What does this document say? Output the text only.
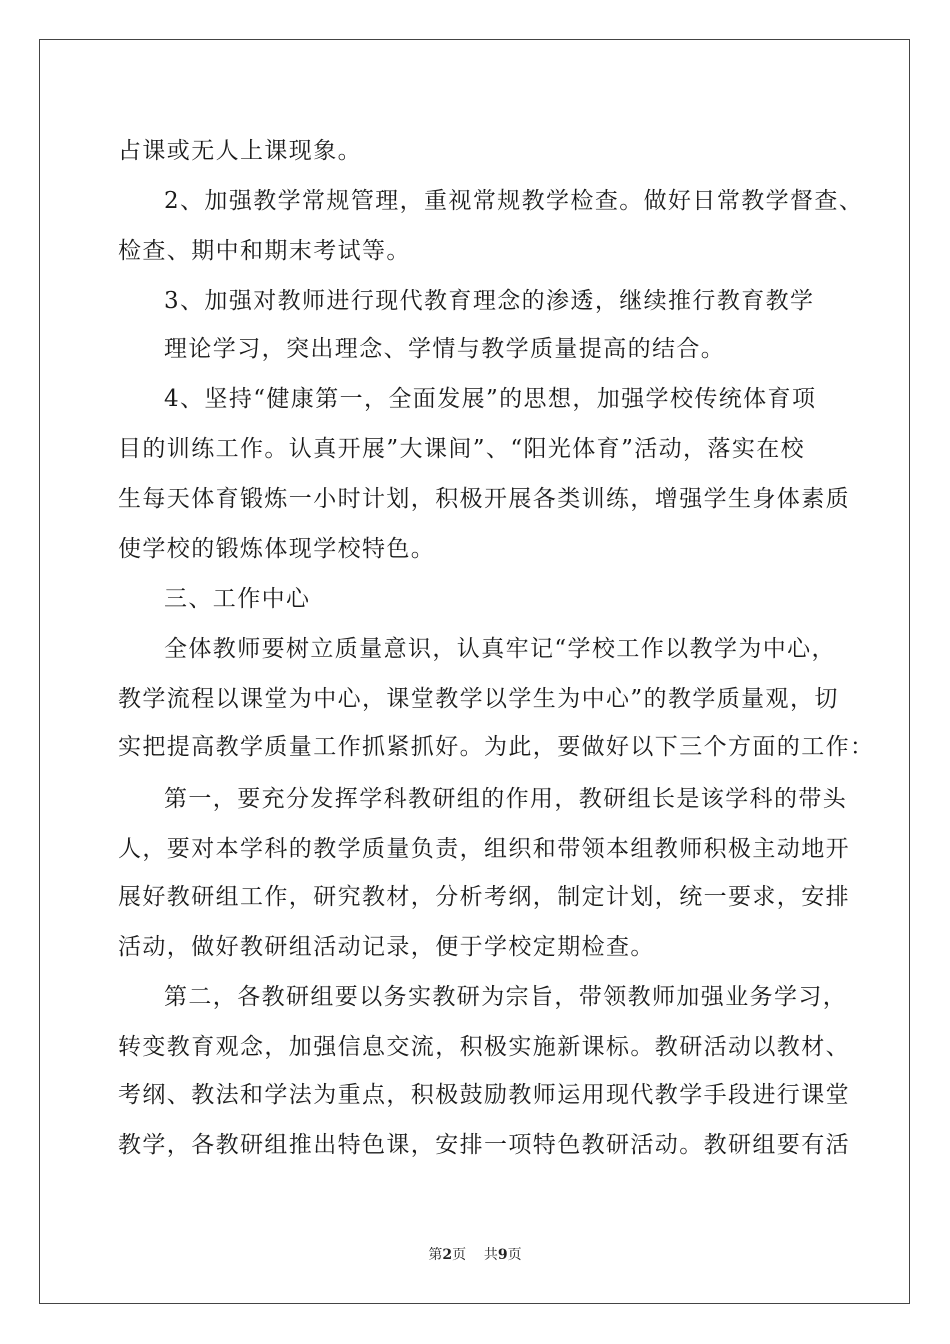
占课或无人上课现象。
2、加强教学常规管理，重视常规教学检查。做好日常教学督查、
检查、期中和期末考试等。
3、加强对教师进行现代教育理念的渗透，继续推行教育教学
理论学习，突出理念、学情与教学质量提高的结合。
4、坚持“健康第一，全面发展”的思想，加强学校传统体育项
目的训练工作。认真开展”大课间”、“阳光体育”活动，落实在校
生每天体育锻炼一小时计划，积极开展各类训练，增强学生身体素质
使学校的锻炼体现学校特色。
三、工作中心
全体教师要树立质量意识，认真牢记“学校工作以教学为中心，
教学流程以课堂为中心，课堂教学以学生为中心”的教学质量观，切
实把提高教学质量工作抓紧抓好。为此，要做好以下三个方面的工作：
第一，要充分发挥学科教研组的作用，教研组长是该学科的带头
人，要对本学科的教学质量负责，组织和带领本组教师积极主动地开
展好教研组工作，研究教材，分析考纲，制定计划，统一要求，安排
活动，做好教研组活动记录，便于学校定期检查。
第二，各教研组要以务实教研为宗旨，带领教师加强业务学习，
转变教育观念，加强信息交流，积极实施新课标。教研活动以教材、
考纲、教法和学法为重点，积极鼓励教师运用现代教学手段进行课堂
教学，各教研组推出特色课，安排一项特色教研活动。教研组要有活
第2页 共9页
